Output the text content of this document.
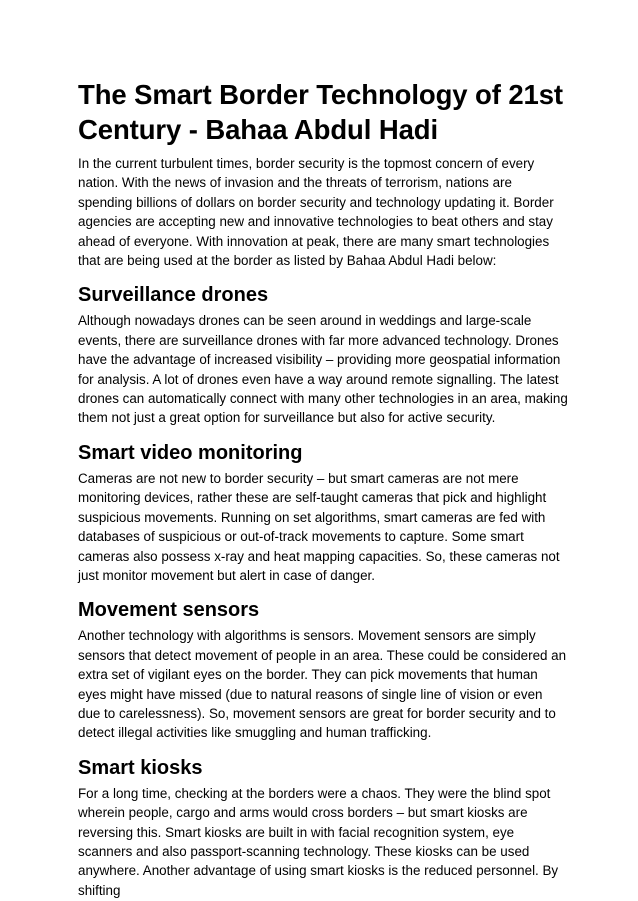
The Smart Border Technology of 21st Century - Bahaa Abdul Hadi

In the current turbulent times, border security is the topmost concern of every nation. With the news of invasion and the threats of terrorism, nations are spending billions of dollars on border security and technology updating it. Border agencies are accepting new and innovative technologies to beat others and stay ahead of everyone. With innovation at peak, there are many smart technologies that are being used at the border as listed by Bahaa Abdul Hadi below:

Surveillance drones

Although nowadays drones can be seen around in weddings and large-scale events, there are surveillance drones with far more advanced technology. Drones have the advantage of increased visibility – providing more geospatial information for analysis. A lot of drones even have a way around remote signalling. The latest drones can automatically connect with many other technologies in an area, making them not just a great option for surveillance but also for active security.

Smart video monitoring

Cameras are not new to border security – but smart cameras are not mere monitoring devices, rather these are self-taught cameras that pick and highlight suspicious movements. Running on set algorithms, smart cameras are fed with databases of suspicious or out-of-track movements to capture. Some smart cameras also possess x-ray and heat mapping capacities. So, these cameras not just monitor movement but alert in case of danger.

Movement sensors

Another technology with algorithms is sensors. Movement sensors are simply sensors that detect movement of people in an area. These could be considered an extra set of vigilant eyes on the border. They can pick movements that human eyes might have missed (due to natural reasons of single line of vision or even due to carelessness). So, movement sensors are great for border security and to detect illegal activities like smuggling and human trafficking.

Smart kiosks

For a long time, checking at the borders were a chaos. They were the blind spot wherein people, cargo and arms would cross borders – but smart kiosks are reversing this. Smart kiosks are built in with facial recognition system, eye scanners and also passport-scanning technology. These kiosks can be used anywhere. Another advantage of using smart kiosks is the reduced personnel. By shifting
